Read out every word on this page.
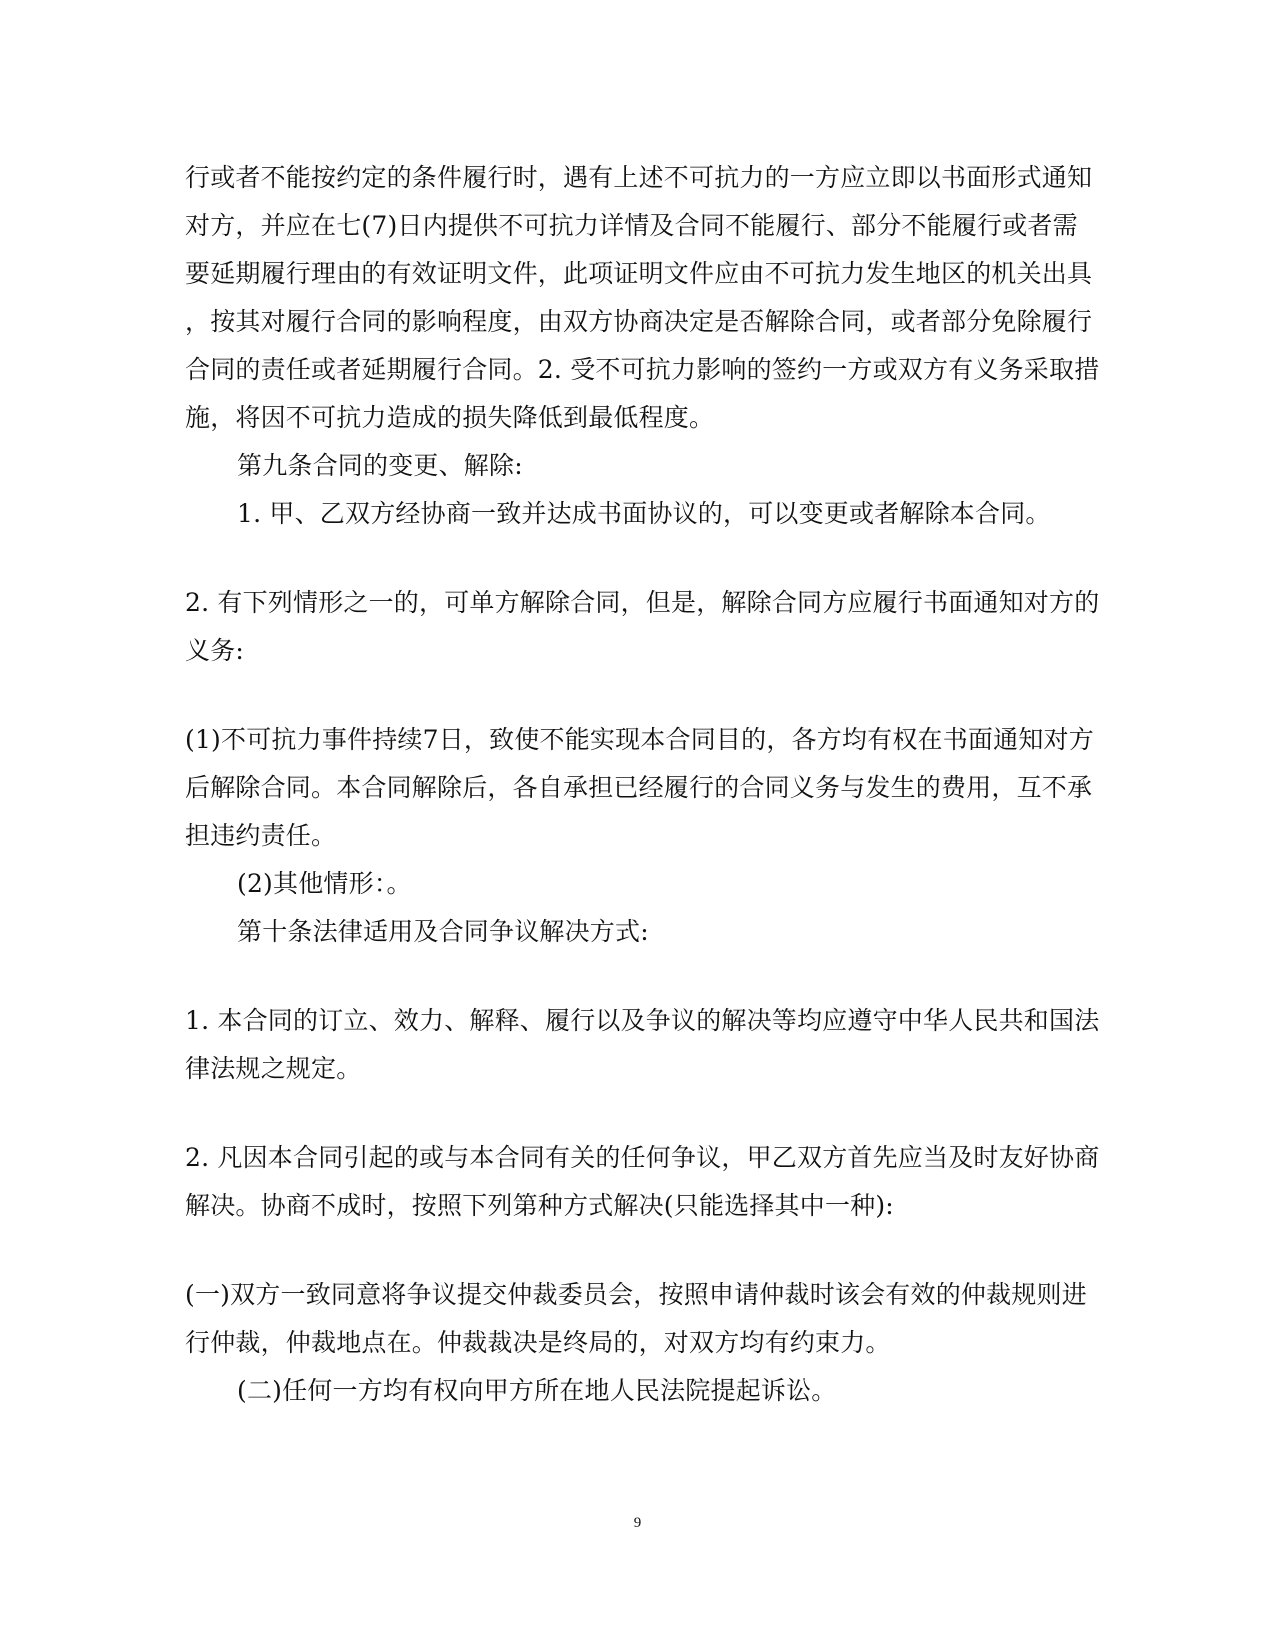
行或者不能按约定的条件履行时，遇有上述不可抗力的一方应立即以书面形式通知
对方，并应在七(7)日内提供不可抗力详情及合同不能履行、部分不能履行或者需
要延期履行理由的有效证明文件，此项证明文件应由不可抗力发生地区的机关出具
，按其对履行合同的影响程度，由双方协商决定是否解除合同，或者部分免除履行
合同的责任或者延期履行合同。2. 受不可抗力影响的签约一方或双方有义务采取措
施，将因不可抗力造成的损失降低到最低程度。
第九条合同的变更、解除:
1. 甲、乙双方经协商一致并达成书面协议的，可以变更或者解除本合同。
2. 有下列情形之一的，可单方解除合同，但是，解除合同方应履行书面通知对方的
义务:
(1)不可抗力事件持续7日，致使不能实现本合同目的，各方均有权在书面通知对方
后解除合同。本合同解除后，各自承担已经履行的合同义务与发生的费用，互不承
担违约责任。
(2)其他情形：。
第十条法律适用及合同争议解决方式:
1. 本合同的订立、效力、解释、履行以及争议的解决等均应遵守中华人民共和国法
律法规之规定。
2. 凡因本合同引起的或与本合同有关的任何争议，甲乙双方首先应当及时友好协商
解决。协商不成时，按照下列第种方式解决(只能选择其中一种):
(一)双方一致同意将争议提交仲裁委员会，按照申请仲裁时该会有效的仲裁规则进
行仲裁，仲裁地点在。仲裁裁决是终局的，对双方均有约束力。
(二)任何一方均有权向甲方所在地人民法院提起诉讼。
9
